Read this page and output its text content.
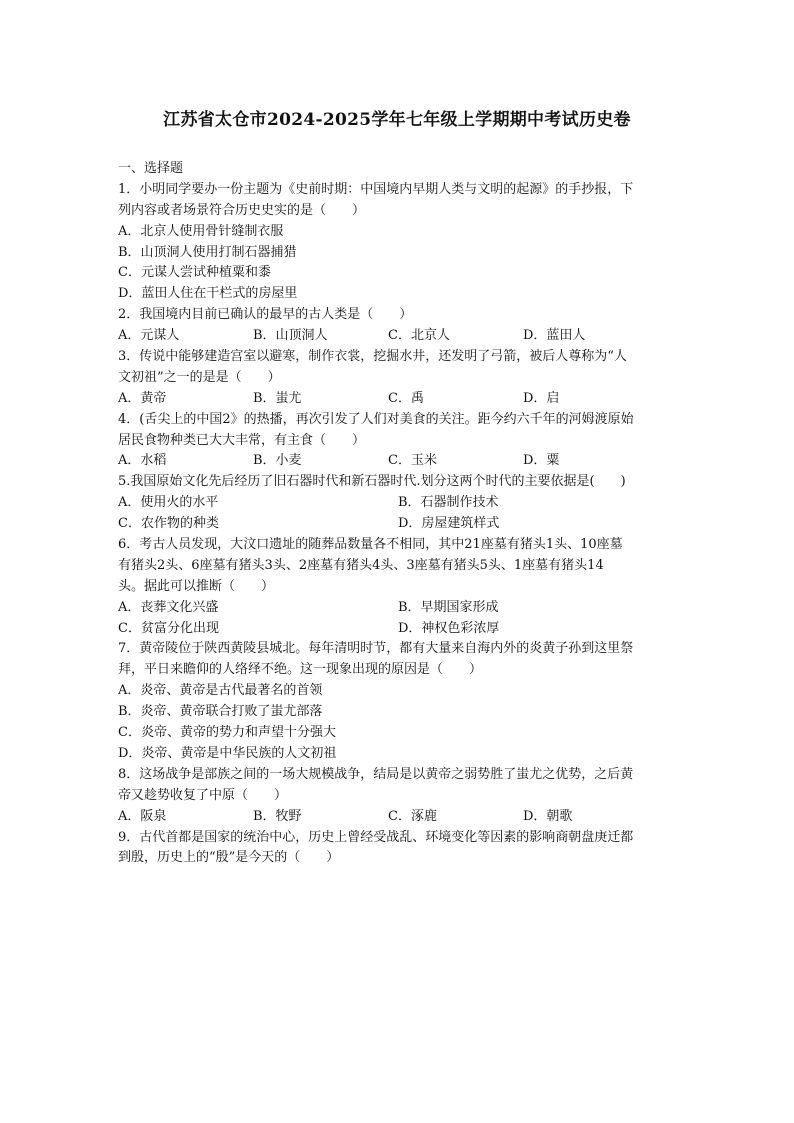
江苏省太仓市2024-2025学年七年级上学期期中考试历史卷
一、选择题
1．小明同学要办一份主题为《史前时期：中国境内早期人类与文明的起源》的手抄报，下
列内容或者场景符合历史史实的是（　　）
A．北京人使用骨针缝制衣服
B．山顶洞人使用打制石器捕猎
C．元谋人尝试种植粟和黍
D．蓝田人住在干栏式的房屋里
2．我国境内目前已确认的最早的古人类是（　　）
A．元谋人	B．山顶洞人	C．北京人	D．蓝田人
3．传说中能够建造宫室以避寒，制作衣裳，挖掘水井，还发明了弓箭，被后人尊称为“人
文初祖”之一的是是（　　）
A．黄帝	B．蚩尤	C．禹	D．启
4．(舌尖上的中国2》的热播，再次引发了人们对美食的关注。距今约六千年的河姆渡原始
居民食物种类已大大丰常，有主食（　　）
A．水稻	B．小麦	C．玉米	D．粟
5.我国原始文化先后经历了旧石器时代和新石器时代.划分这两个时代的主要依据是(　　)
A．使用火的水平	B．石器制作技术
C．农作物的种类	D．房屋建筑样式
6．考古人员发现，大汶口遗址的随葬品数量各不相同，其中21座墓有猪头1头、10座墓
有猪头2头、6座墓有猪头3头、2座墓有猪头4头、3座墓有猪头5头、1座墓有猪头14
头。据此可以推断（　　）
A．丧葬文化兴盛	B．早期国家形成
C．贫富分化出现	D．神权色彩浓厚
7．黄帝陵位于陕西黄陵县城北。每年清明时节，都有大量来自海内外的炎黄子孙到这里祭
拜，平日来瞻仰的人络绎不绝。这一现象出现的原因是（　　）
A．炎帝、黄帝是古代最著名的首领
B．炎帝、黄帝联合打败了蚩尤部落
C．炎帝、黄帝的势力和声望十分强大
D．炎帝、黄帝是中华民族的人文初祖
8．这场战争是部族之间的一场大规模战争，结局是以黄帝之弱势胜了蚩尤之优势，之后黄
帝又趁势收复了中原（　　）
A．阪泉	B．牧野	C．涿鹿	D．朝歌
9．古代首都是国家的统治中心，历史上曾经受战乱、环境变化等因素的影响商朝盘庚迁都
到殷，历史上的“殷”是今天的（　　）
